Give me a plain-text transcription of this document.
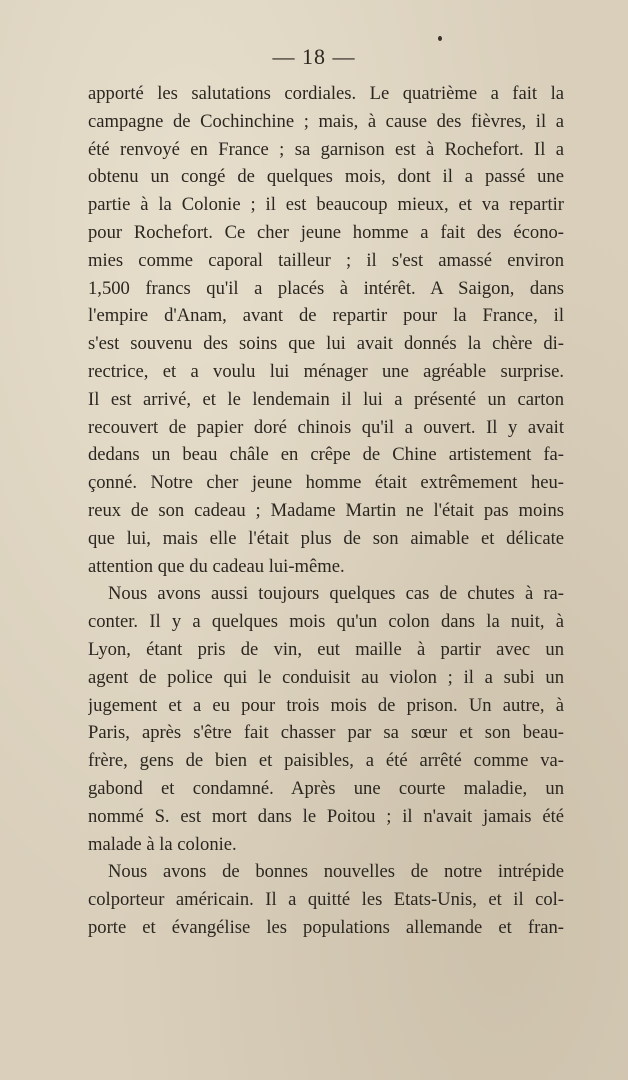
— 18 —
apporté les salutations cordiales. Le quatrième a fait la
campagne de Cochinchine ; mais, à cause des fièvres, il a
été renvoyé en France ; sa garnison est à Rochefort. Il a
obtenu un congé de quelques mois, dont il a passé une
partie à la Colonie ; il est beaucoup mieux, et va repartir
pour Rochefort. Ce cher jeune homme a fait des écono-
mies comme caporal tailleur ; il s'est amassé environ
1,500 francs qu'il a placés à intérêt. A Saigon, dans
l'empire d'Anam, avant de repartir pour la France, il
s'est souvenu des soins que lui avait donnés la chère di-
rectrice, et a voulu lui ménager une agréable surprise.
Il est arrivé, et le lendemain il lui a présenté un carton
recouvert de papier doré chinois qu'il a ouvert. Il y avait
dedans un beau châle en crêpe de Chine artistement fa-
çonné. Notre cher jeune homme était extrêmement heu-
reux de son cadeau ; Madame Martin ne l'était pas moins
que lui, mais elle l'était plus de son aimable et délicate
attention que du cadeau lui-même.
Nous avons aussi toujours quelques cas de chutes à ra-
conter. Il y a quelques mois qu'un colon dans la nuit, à
Lyon, étant pris de vin, eut maille à partir avec un
agent de police qui le conduisit au violon ; il a subi un
jugement et a eu pour trois mois de prison. Un autre, à
Paris, après s'être fait chasser par sa sœur et son beau-
frère, gens de bien et paisibles, a été arrêté comme va-
gabond et condamné. Après une courte maladie, un
nommé S. est mort dans le Poitou ; il n'avait jamais été
malade à la colonie.
Nous avons de bonnes nouvelles de notre intrépide
colporteur américain. Il a quitté les Etats-Unis, et il col-
porte et évangélise les populations allemande et fran-
